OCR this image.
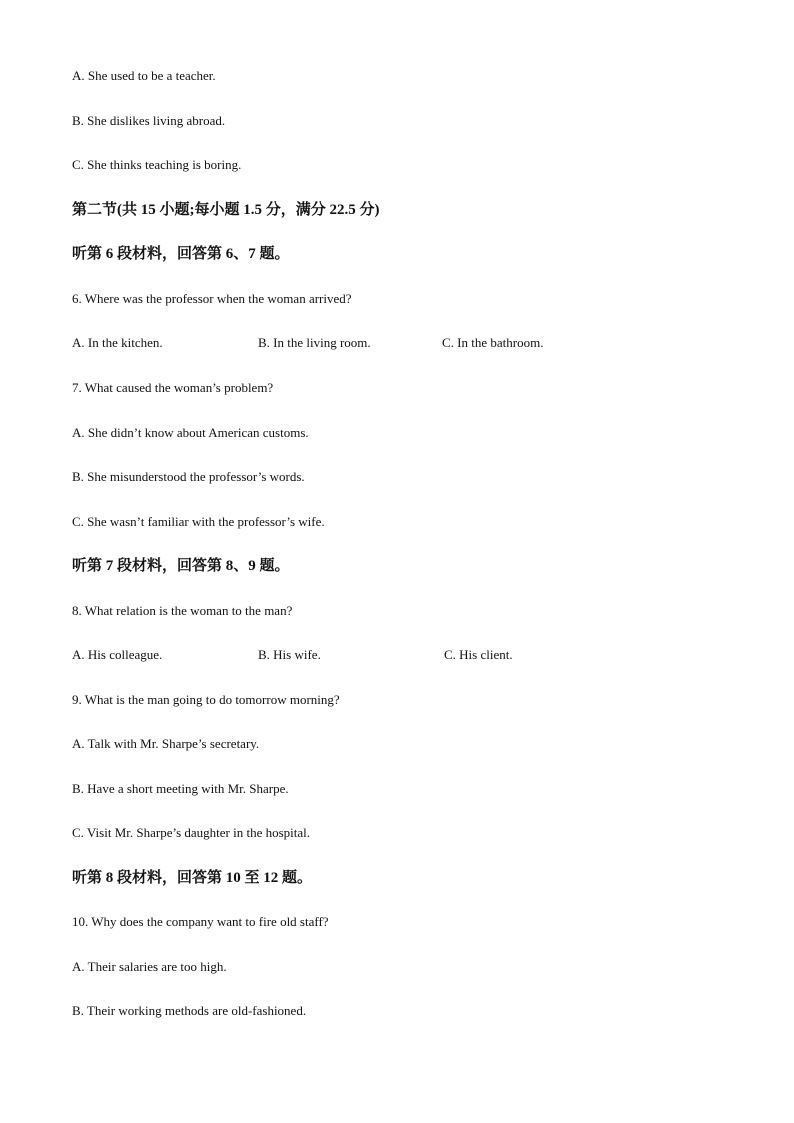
A. She used to be a teacher.
B. She dislikes living abroad.
C. She thinks teaching is boring.
第二节(共 15 小题;每小题 1.5 分，满分 22.5 分)
听第 6 段材料，回答第 6、7 题。
6. Where was the professor when the woman arrived?
A. In the kitchen.	B. In the living room.	C. In the bathroom.
7. What caused the woman’s problem?
A. She didn’t know about American customs.
B. She misunderstood the professor’s words.
C. She wasn’t familiar with the professor’s wife.
听第 7 段材料，回答第 8、9 题。
8. What relation is the woman to the man?
A. His colleague.	B. His wife.	C. His client.
9. What is the man going to do tomorrow morning?
A. Talk with Mr. Sharpe’s secretary.
B. Have a short meeting with Mr. Sharpe.
C. Visit Mr. Sharpe’s daughter in the hospital.
听第 8 段材料，回答第 10 至 12 题。
10. Why does the company want to fire old staff?
A. Their salaries are too high.
B. Their working methods are old-fashioned.
